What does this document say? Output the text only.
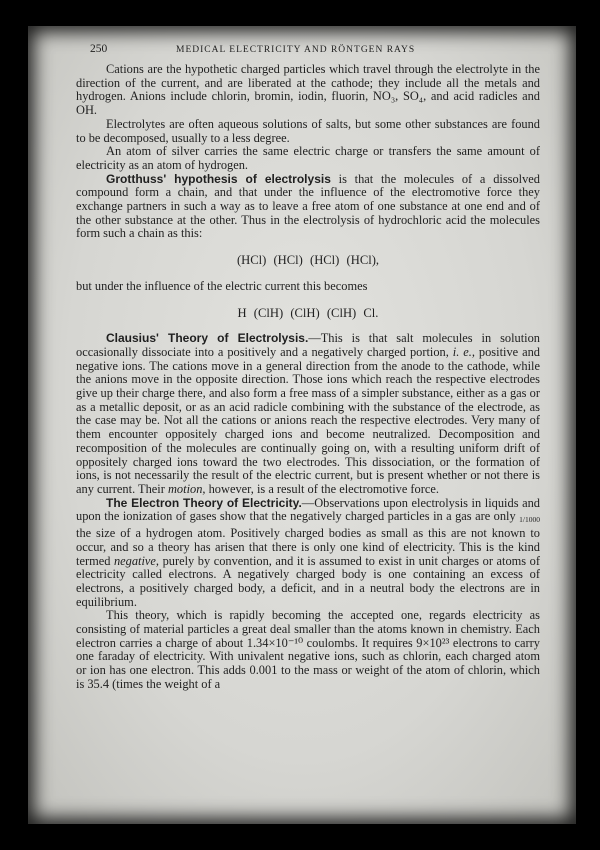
250	MEDICAL ELECTRICITY AND RÖNTGEN RAYS

Cations are the hypothetic charged particles which travel through the electrolyte in the direction of the current, and are liberated at the cathode; they include all the metals and hydrogen. Anions include chlorin, bromin, iodin, fluorin, NO₃, SO₄, and acid radicles and OH.

Electrolytes are often aqueous solutions of salts, but some other substances are found to be decomposed, usually to a less degree.

An atom of silver carries the same electric charge or transfers the same amount of electricity as an atom of hydrogen.

Grotthuss' hypothesis of electrolysis is that the molecules of a dissolved compound form a chain, and that under the influence of the electromotive force they exchange partners in such a way as to leave a free atom of one substance at one end and of the other substance at the other. Thus in the electrolysis of hydrochloric acid the molecules form such a chain as this:

(HCl) (HCl) (HCl) (HCl),

but under the influence of the electric current this becomes

H (ClH) (ClH) (ClH) Cl.

Clausius' Theory of Electrolysis.—This is that salt molecules in solution occasionally dissociate into a positively and a negatively charged portion, i. e., positive and negative ions. The cations move in a general direction from the anode to the cathode, while the anions move in the opposite direction. Those ions which reach the respective electrodes give up their charge there, and also form a free mass of a simpler substance, either as a gas or as a metallic deposit, or as an acid radicle combining with the substance of the electrode, as the case may be. Not all the cations or anions reach the respective electrodes. Very many of them encounter oppositely charged ions and become neutralized. Decomposition and recomposition of the molecules are continually going on, with a resulting uniform drift of oppositely charged ions toward the two electrodes. This dissociation, or the formation of ions, is not necessarily the result of the electric current, but is present whether or not there is any current. Their motion, however, is a result of the electromotive force.

The Electron Theory of Electricity.—Observations upon electrolysis in liquids and upon the ionization of gases show that the negatively charged particles in a gas are only 1/1000 the size of a hydrogen atom. Positively charged bodies as small as this are not known to occur, and so a theory has arisen that there is only one kind of electricity. This is the kind termed negative, purely by convention, and it is assumed to exist in unit charges or atoms of electricity called electrons. A negatively charged body is one containing an excess of electrons, a positively charged body, a deficit, and in a neutral body the electrons are in equilibrium.

This theory, which is rapidly becoming the accepted one, regards electricity as consisting of material particles a great deal smaller than the atoms known in chemistry. Each electron carries a charge of about 1.34×10⁻¹⁰ coulombs. It requires 9×10²³ electrons to carry one faraday of electricity. With univalent negative ions, such as chlorin, each charged atom or ion has one electron. This adds 0.001 to the mass or weight of the atom of chlorin, which is 35.4 (times the weight of a
